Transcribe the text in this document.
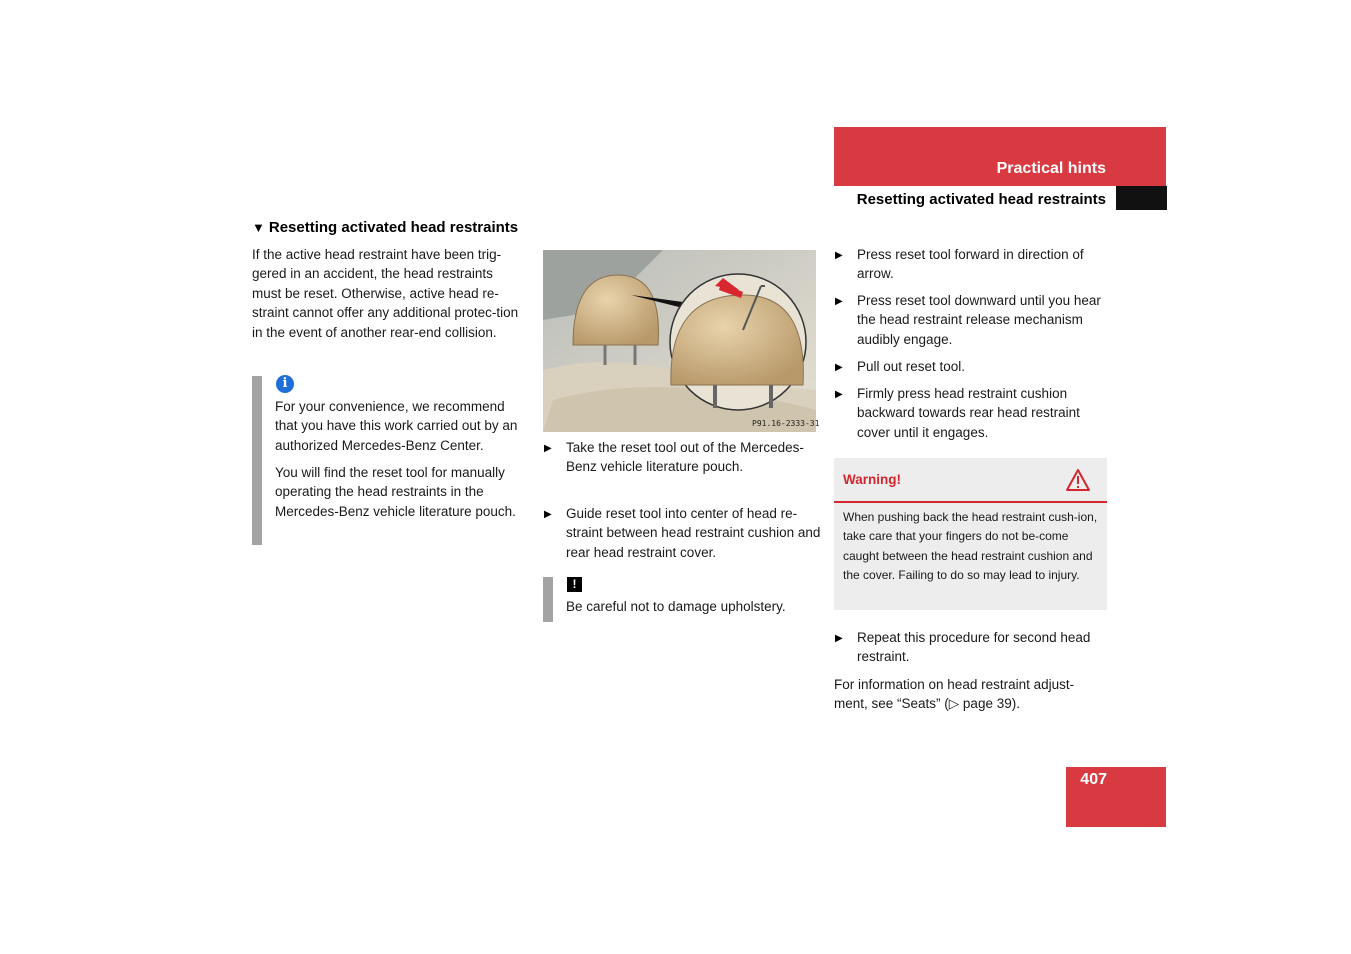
Practical hints
Resetting activated head restraints
▼ Resetting activated head restraints
If the active head restraint have been trig-gered in an accident, the head restraints must be reset. Otherwise, active head re-straint cannot offer any additional protec-tion in the event of another rear-end collision.
i
For your convenience, we recommend that you have this work carried out by an authorized Mercedes-Benz Center.
You will find the reset tool for manually operating the head restraints in the Mercedes-Benz vehicle literature pouch.
P91.16-2333-31
▶ Take the reset tool out of the Mercedes-Benz vehicle literature pouch.
▶ Guide reset tool into center of head re-straint between head restraint cushion and rear head restraint cover.
!
Be careful not to damage upholstery.
▶ Press reset tool forward in direction of arrow.
▶ Press reset tool downward until you hear the head restraint release mechanism audibly engage.
▶ Pull out reset tool.
▶ Firmly press head restraint cushion backward towards rear head restraint cover until it engages.
Warning!
When pushing back the head restraint cush-ion, take care that your fingers do not be-come caught between the head restraint cushion and the cover. Failing to do so may lead to injury.
▶ Repeat this procedure for second head restraint.
For information on head restraint adjust-ment, see “Seats” (▷ page 39).
407
